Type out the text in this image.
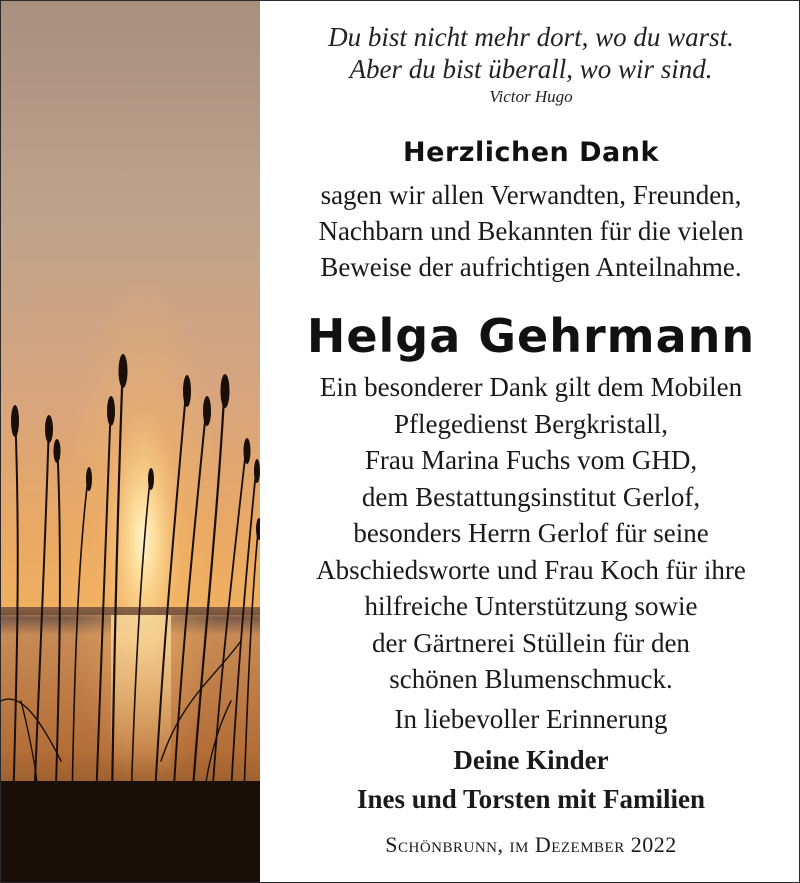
Du bist nicht mehr dort, wo du warst.
Aber du bist überall, wo wir sind.
Victor Hugo
Herzlichen Dank
sagen wir allen Verwandten, Freunden,
Nachbarn und Bekannten für die vielen
Beweise der aufrichtigen Anteilnahme.
Helga Gehrmann
Ein besonderer Dank gilt dem Mobilen
Pflegedienst Bergkristall,
Frau Marina Fuchs vom GHD,
dem Bestattungsinstitut Gerlof,
besonders Herrn Gerlof für seine
Abschiedsworte und Frau Koch für ihre
hilfreiche Unterstützung sowie
der Gärtnerei Stüllein für den
schönen Blumenschmuck.
In liebevoller Erinnerung
Deine Kinder
Ines und Torsten mit Familien
Schönbrunn, im Dezember 2022
